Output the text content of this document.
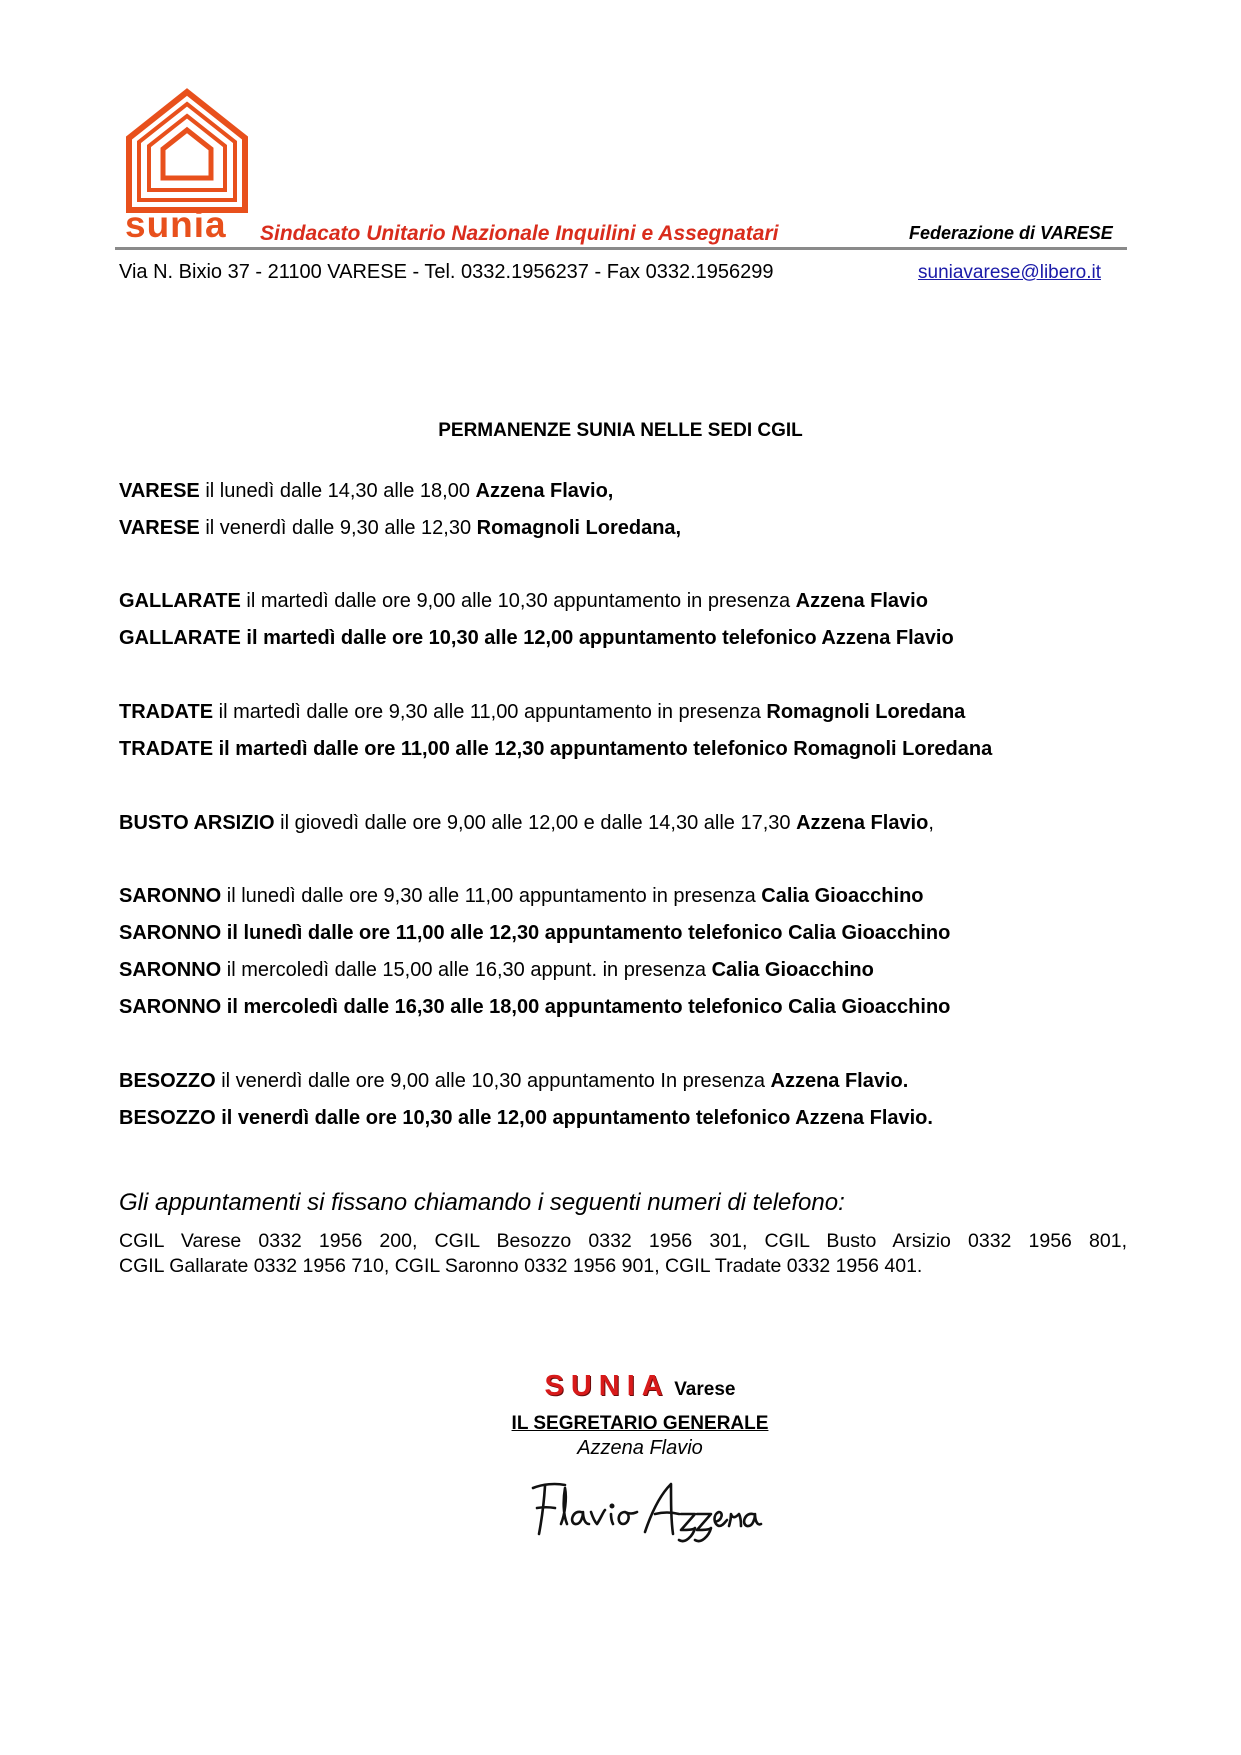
sunia Sindacato Unitario Nazionale Inquilini e Assegnatari	Federazione di VARESE
Via N. Bixio 37 - 21100 VARESE - Tel. 0332.1956237 - Fax 0332.1956299	suniavarese@libero.it
PERMANENZE SUNIA NELLE SEDI CGIL
VARESE il lunedì dalle 14,30 alle 18,00 Azzena Flavio,
VARESE il venerdì dalle 9,30 alle 12,30 Romagnoli Loredana,
GALLARATE il martedì dalle ore 9,00 alle 10,30 appuntamento in presenza Azzena Flavio
GALLARATE il martedì dalle ore 10,30 alle 12,00 appuntamento telefonico Azzena Flavio
TRADATE il martedì dalle ore 9,30 alle 11,00 appuntamento in presenza Romagnoli Loredana
TRADATE il martedì dalle ore 11,00 alle 12,30 appuntamento telefonico Romagnoli Loredana
BUSTO ARSIZIO il giovedì dalle ore 9,00 alle 12,00 e dalle 14,30 alle 17,30 Azzena Flavio,
SARONNO il lunedì dalle ore 9,30 alle 11,00 appuntamento in presenza Calia Gioacchino
SARONNO il lunedì dalle ore 11,00 alle 12,30 appuntamento telefonico Calia Gioacchino
SARONNO il mercoledì dalle 15,00 alle 16,30 appunt. in presenza Calia Gioacchino
SARONNO il mercoledì dalle 16,30 alle 18,00 appuntamento telefonico Calia Gioacchino
BESOZZO il venerdì dalle ore 9,00 alle 10,30 appuntamento In presenza Azzena Flavio.
BESOZZO il venerdì dalle ore 10,30 alle 12,00 appuntamento telefonico Azzena Flavio.
Gli appuntamenti si fissano chiamando i seguenti numeri di telefono:
CGIL Varese 0332 1956 200, CGIL Besozzo 0332 1956 301, CGIL Busto Arsizio 0332 1956 801,
CGIL Gallarate 0332 1956 710, CGIL Saronno 0332 1956 901, CGIL Tradate 0332 1956 401.
SUNIA Varese
IL SEGRETARIO GENERALE
Azzena Flavio
